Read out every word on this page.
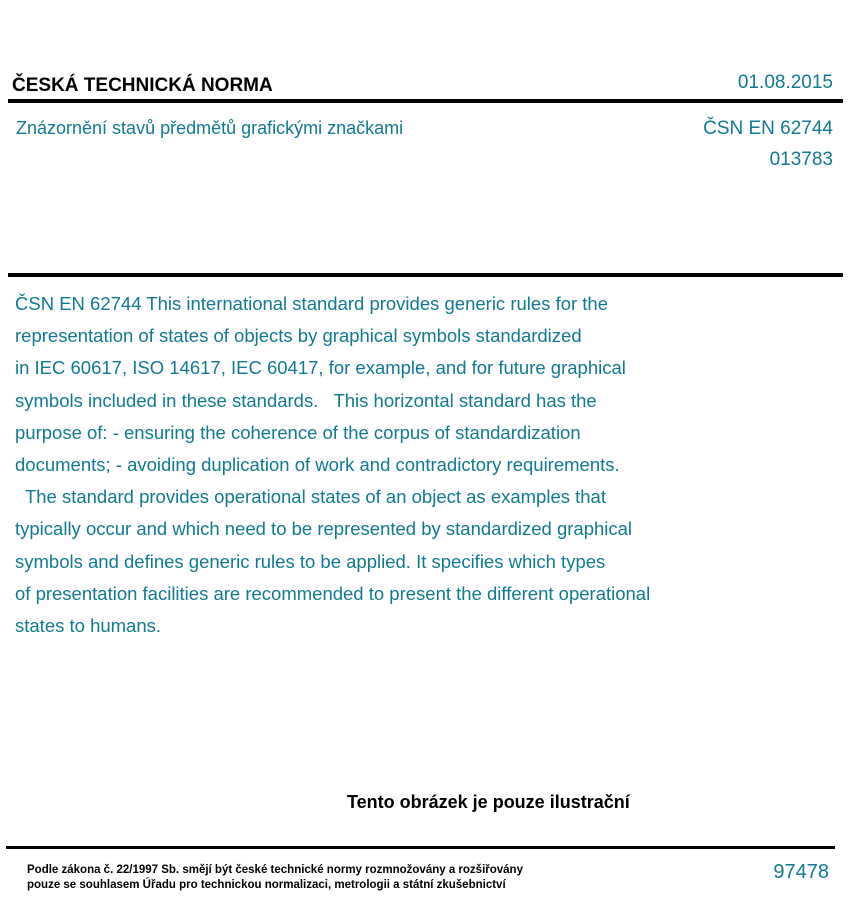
ČESKÁ TECHNICKÁ NORMA	01.08.2015
Znázornění stavů předmětů grafickými značkami	ČSN EN 62744
013783

ČSN EN 62744 This international standard provides generic rules for the

representation of states of objects by graphical symbols standardized

in IEC 60617, ISO 14617, IEC 60417, for example, and for future graphical

symbols included in these standards.   This horizontal standard has the

purpose of: - ensuring the coherence of the corpus of standardization

documents; - avoiding duplication of work and contradictory requirements.

The standard provides operational states of an object as examples that

typically occur and which need to be represented by standardized graphical

symbols and defines generic rules to be applied. It specifies which types

of presentation facilities are recommended to present the different operational

states to humans.

Tento obrázek je pouze ilustrační

Podle zákona č. 22/1997 Sb. smějí být české technické normy rozmnožovány a rozšiřovány

pouze se souhlasem Úřadu pro technickou normalizaci, metrologii a státní zkušebnictví

97478
